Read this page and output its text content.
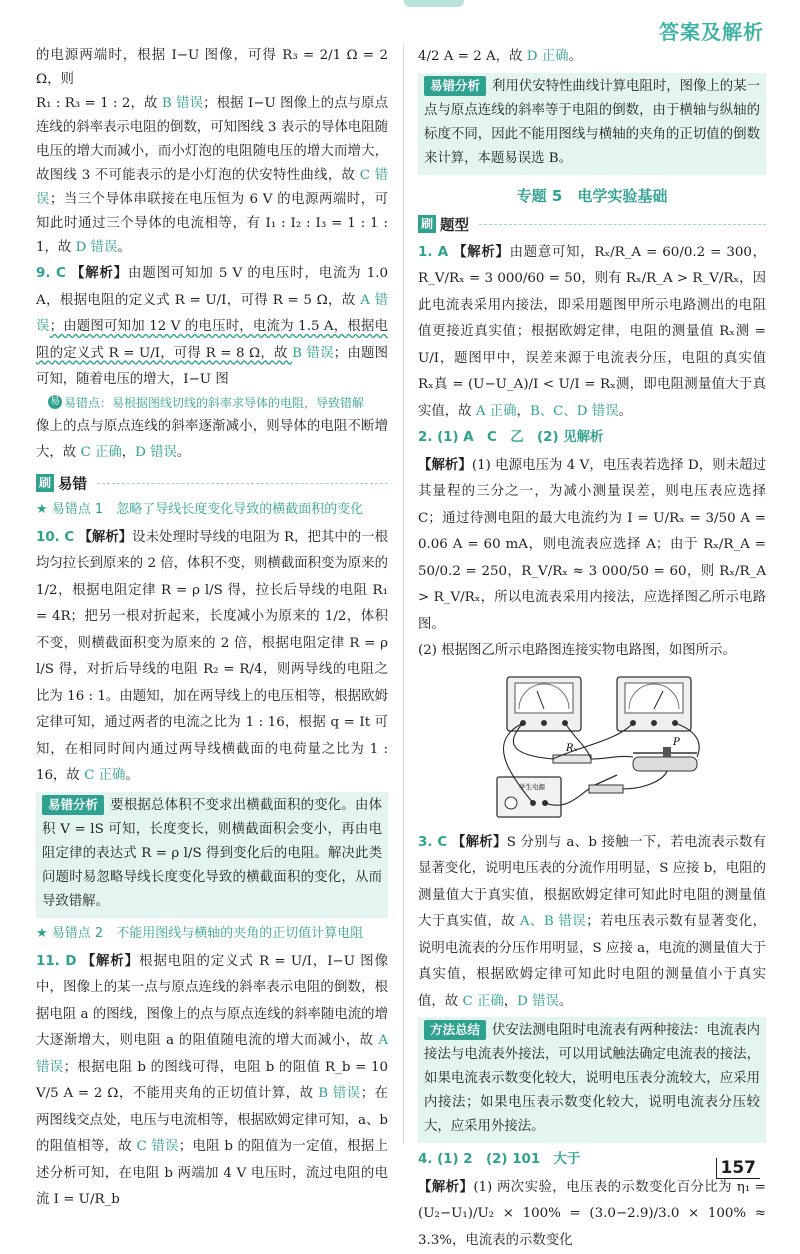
答案及解析

的电源两端时，根据 I−U 图像，可得 R₃ = 2/1 Ω = 2 Ω，则
R₁ : R₃ = 1 : 2，故 B 错误；根据 I−U 图像上的点与原点连线的斜率表示电阻的倒数，可知图线 3 表示的导体电阻随电压的增大而减小，而小灯泡的电阻随电压的增大而增大，故图线 3 不可能表示的是小灯泡的伏安特性曲线，故 C 错误；当三个导体串联接在电压恒为 6 V 的电源两端时，可知此时通过三个导体的电流相等，有 I₁ : I₂ : I₃ = 1 : 1 : 1，故 D 错误。

9. C 【解析】由题图可知加 5 V 的电压时，电流为 1.0 A，根据电阻的定义式 R = U/I，可得 R = 5 Ω，故 A 错误；由题图可知加 12 V 的电压时，电流为 1.5 A，根据电阻的定义式 R = U/I，可得 R = 8 Ω，故 B 错误；由题图可知，随着电压的增大，I−U 图

易 易错点：易根据图线切线的斜率求导体的电阻，导致错解

像上的点与原点连线的斜率逐渐减小，则导体的电阻不断增大，故 C 正确，D 错误。

刷 易错
★ 易错点 1　忽略了导线长度变化导致的横截面积的变化

10. C 【解析】设未处理时导线的电阻为 R，把其中的一根均匀拉长到原来的 2 倍，体积不变，则横截面积变为原来的 1/2，根据电阻定律 R = ρ l/S 得，拉长后导线的电阻 R₁ = 4R；把另一根对折起来，长度减小为原来的 1/2，体积不变，则横截面积变为原来的 2 倍，根据电阻定律 R = ρ l/S 得，对折后导线的电阻 R₂ = R/4，则两导线的电阻之比为 16 : 1。由题知，加在两导线上的电压相等，根据欧姆定律可知，通过两者的电流之比为 1 : 16，根据 q = It 可知，在相同时间内通过两导线横截面的电荷量之比为 1 : 16，故 C 正确。

易错分析 要根据总体积不变求出横截面积的变化。由体积 V = lS 可知，长度变长，则横截面积会变小，再由电阻定律的表达式 R = ρ l/S 得到变化后的电阻。解决此类问题时易忽略导线长度变化导致的横截面积的变化，从而导致错解。

★ 易错点 2　不能用图线与横轴的夹角的正切值计算电阻

11. D 【解析】根据电阻的定义式 R = U/I，I−U 图像中，图像上的某一点与原点连线的斜率表示电阻的倒数，根据电阻 a 的图线，图像上的点与原点连线的斜率随电流的增大逐渐增大，则电阻 a 的阻值随电流的增大而减小，故 A 错误；根据电阻 b 的图线可得，电阻 b 的阻值 R_b = 10 V/5 A = 2 Ω，不能用夹角的正切值计算，故 B 错误；在两图线交点处，电压与电流相等，根据欧姆定律可知，a、b 的阻值相等，故 C 错误；电阻 b 的阻值为一定值，根据上述分析可知，在电阻 b 两端加 4 V 电压时，流过电阻的电流 I = U/R_b

4/2 A = 2 A，故 D 正确。

易错分析 利用伏安特性曲线计算电阻时，图像上的某一点与原点连线的斜率等于电阻的倒数，由于横轴与纵轴的标度不同，因此不能用图线与横轴的夹角的正切值的倒数来计算，本题易误选 B。

专题 5　电学实验基础
刷 题型

1. A 【解析】由题意可知，Rₓ/R_A = 60/0.2 = 300，R_V/Rₓ = 3 000/60 = 50，则有 Rₓ/R_A > R_V/Rₓ，因此电流表采用内接法，即采用题图甲所示电路测出的电阻值更接近真实值；根据欧姆定律，电阻的测量值 Rₓ测 = U/I，题图甲中，误差来源于电流表分压，电阻的真实值 Rₓ真 = (U−U_A)/I < U/I = Rₓ测，即电阻测量值大于真实值，故 A 正确，B、C、D 错误。

2. (1) A　C　乙　(2) 见解析

【解析】(1) 电源电压为 4 V，电压表若选择 D，则未超过其量程的三分之一，为减小测量误差，则电压表应选择 C；通过待测电阻的最大电流约为 I = U/Rₓ = 3/50 A = 0.06 A = 60 mA，则电流表应选择 A；由于 Rₓ/R_A = 50/0.2 = 250，R_V/Rₓ ≈ 3 000/50 = 60，则 Rₓ/R_A > R_V/Rₓ，所以电流表采用内接法，应选择图乙所示电路图。

(2) 根据图乙所示电路图连接实物电路图，如图所示。

Rₓ
P
学生电源

3. C 【解析】S 分别与 a、b 接触一下，若电流表示数有显著变化，说明电压表的分流作用明显，S 应接 b，电阻的测量值大于真实值，根据欧姆定律可知此时电阻的测量值大于真实值，故 A、B 错误；若电压表示数有显著变化，说明电流表的分压作用明显，S 应接 a，电流的测量值大于真实值，根据欧姆定律可知此时电阻的测量值小于真实值，故 C 正确，D 错误。

方法总结 伏安法测电阻时电流表有两种接法：电流表内接法与电流表外接法，可以用试触法确定电流表的接法，如果电流表示数变化较大，说明电压表分流较大，应采用内接法；如果电压表示数变化较大，说明电流表分压较大，应采用外接法。

4. (1) 2　(2) 101　大于

【解析】(1) 两次实验，电压表的示数变化百分比为 η₁ = (U₂−U₁)/U₂ × 100% = (3.0−2.9)/3.0 × 100% ≈ 3.3%，电流表的示数变化

157
